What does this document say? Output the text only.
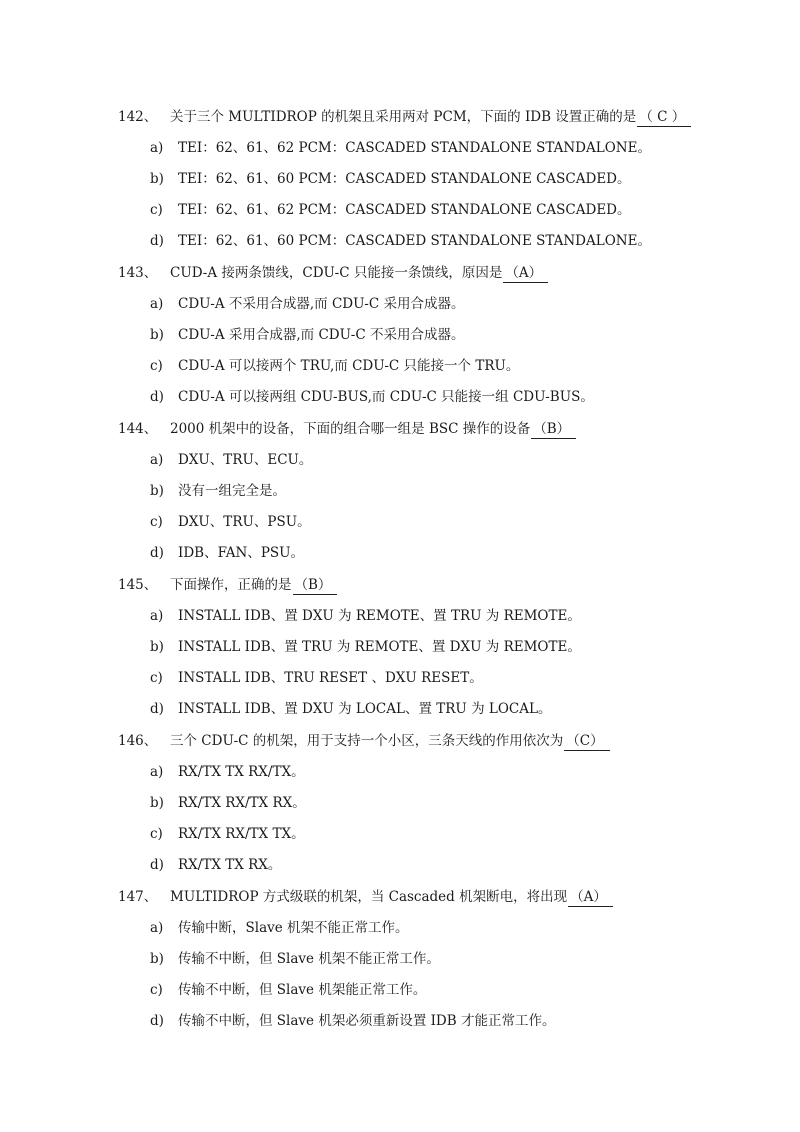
142、 关于三个 MULTIDROP 的机架且采用两对 PCM，下面的 IDB 设置正确的是 （ C ）
a) TEI：62、61、62 PCM：CASCADED STANDALONE STANDALONE。
b) TEI：62、61、60 PCM：CASCADED STANDALONE CASCADED。
c) TEI：62、61、62 PCM：CASCADED STANDALONE CASCADED。
d) TEI：62、61、60 PCM：CASCADED STANDALONE STANDALONE。
143、 CUD-A 接两条馈线，CDU-C 只能接一条馈线，原因是 （A）
a) CDU-A 不采用合成器,而 CDU-C 采用合成器。
b) CDU-A 采用合成器,而 CDU-C 不采用合成器。
c) CDU-A 可以接两个 TRU,而 CDU-C 只能接一个 TRU。
d) CDU-A 可以接两组 CDU-BUS,而 CDU-C 只能接一组 CDU-BUS。
144、 2000 机架中的设备，下面的组合哪一组是 BSC 操作的设备 （B）
a) DXU、TRU、ECU。
b) 没有一组完全是。
c) DXU、TRU、PSU。
d) IDB、FAN、PSU。
145、 下面操作，正确的是 （B）
a) INSTALL IDB、置 DXU 为 REMOTE、置 TRU 为 REMOTE。
b) INSTALL IDB、置 TRU 为 REMOTE、置 DXU 为 REMOTE。
c) INSTALL IDB、TRU RESET 、DXU RESET。
d) INSTALL IDB、置 DXU 为 LOCAL、置 TRU 为 LOCAL。
146、 三个 CDU-C 的机架，用于支持一个小区，三条天线的作用依次为 （C）
a) RX/TX TX RX/TX。
b) RX/TX RX/TX RX。
c) RX/TX RX/TX TX。
d) RX/TX TX RX。
147、 MULTIDROP 方式级联的机架，当 Cascaded 机架断电，将出现 （A）
a) 传输中断，Slave 机架不能正常工作。
b) 传输不中断，但 Slave 机架不能正常工作。
c) 传输不中断，但 Slave 机架能正常工作。
d) 传输不中断，但 Slave 机架必须重新设置 IDB 才能正常工作。
